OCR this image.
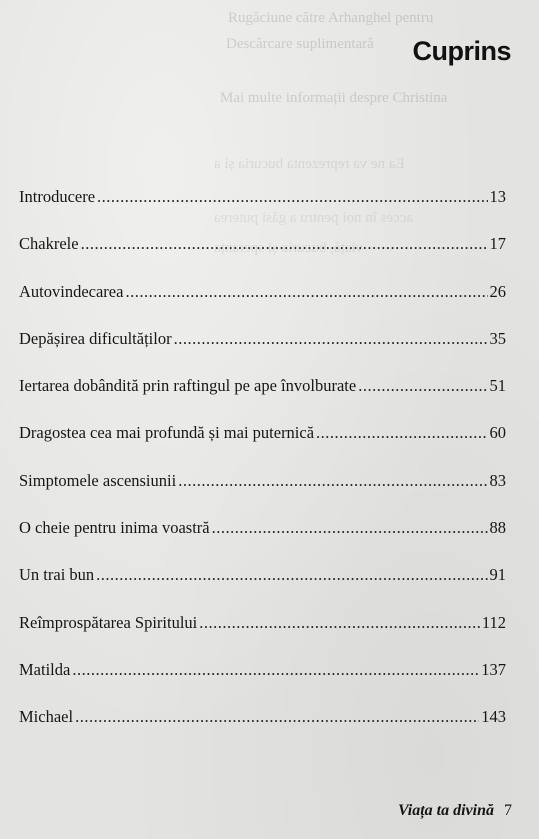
Rugăciune către Arhanghel pentru
Descărcare suplimentară
Mai multe informații despre Christina
Ea ne va reprezenta bucuria și a
acces în noi pentru a găsi puterea
viață, bucuria și speranța
Cuprins
Introducere .....	13
Chakrele .....	17
Autovindecarea .....	26
Depășirea dificultăților .....	35
Iertarea dobândită prin raftingul pe ape învolburate .....	51
Dragostea cea mai profundă și mai puternică .....	60
Simptomele ascensiunii .....	83
O cheie pentru inima voastră .....	88
Un trai bun .....	91
Reîmprospătarea Spiritului .....	112
Matilda .....	137
Michael .....	143
Viața ta divină 7
